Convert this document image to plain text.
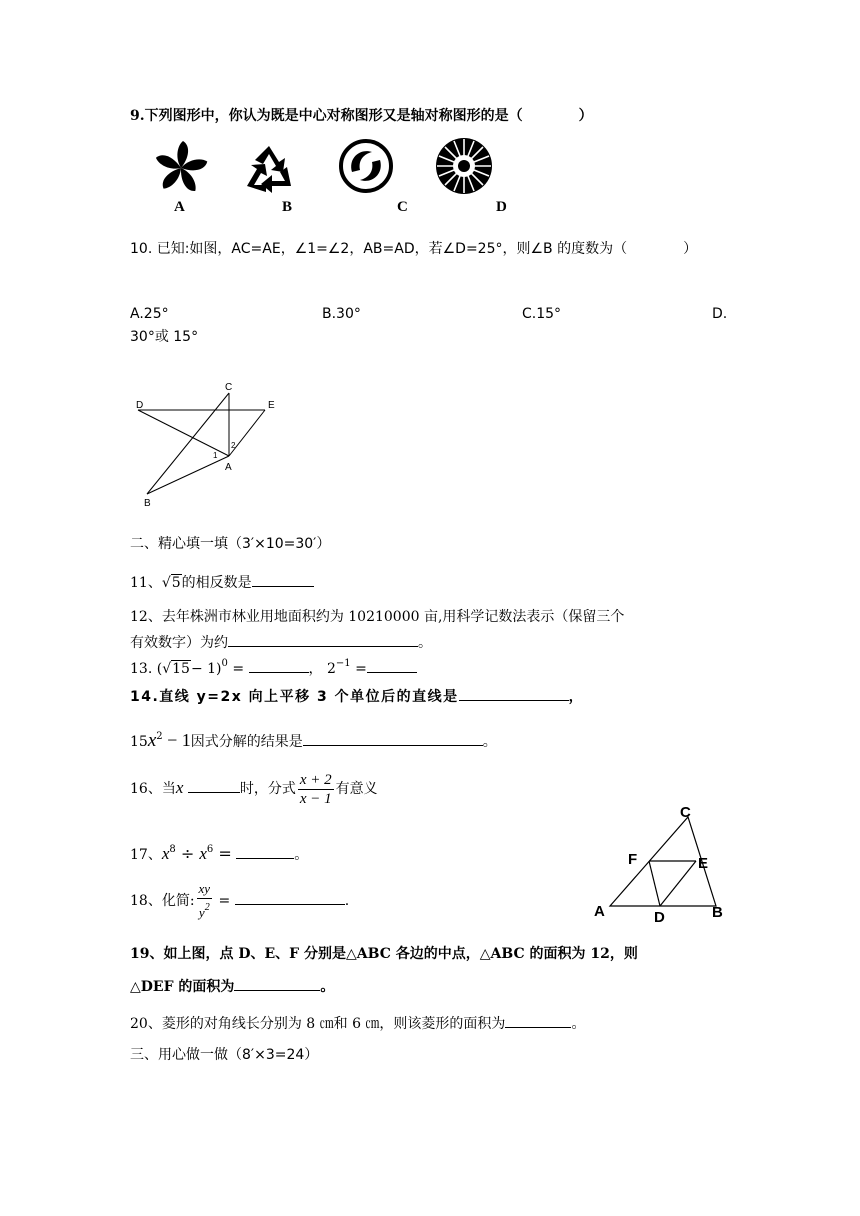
9.下列图形中，你认为既是中心对称图形又是轴对称图形的是（　　　　）
A	B	C	D
10. 已知:如图，AC=AE，∠1=∠2，AB=AD，若∠D=25°，则∠B 的度数为（　　　　）
A.25°	B.30°	C.15°	D.
30°或 15°
C
D	E
A
B
1
2
二、精心填一填（3′×10=30′）
11、√5的相反数是
12、去年株洲市林业用地面积约为 10210000 亩,用科学记数法表示（保留三个
有效数字）为约	。
13. $(√15- 1)^0$ =	， $2^{-1}$ =
14.直线 y=2x 向上平移 3 个单位后的直线是	，
$15x^2 - 1$因式分解的结果是	。
16、当x	时，分式 $\frac{x + 2}{x - 1}$ 有意义
17、$x^8 \div x^6$ =	。
18、化简: $\frac{xy}{y^2}$ =	.
C
F	E
A	D	B
19、如上图，点 D、E、F 分别是△ABC 各边的中点，△ABC 的面积为 12，则
△DEF 的面积为	。
20、菱形的对角线长分别为 8 ㎝和 6 ㎝，则该菱形的面积为	。
三、用心做一做（8′×3=24）
